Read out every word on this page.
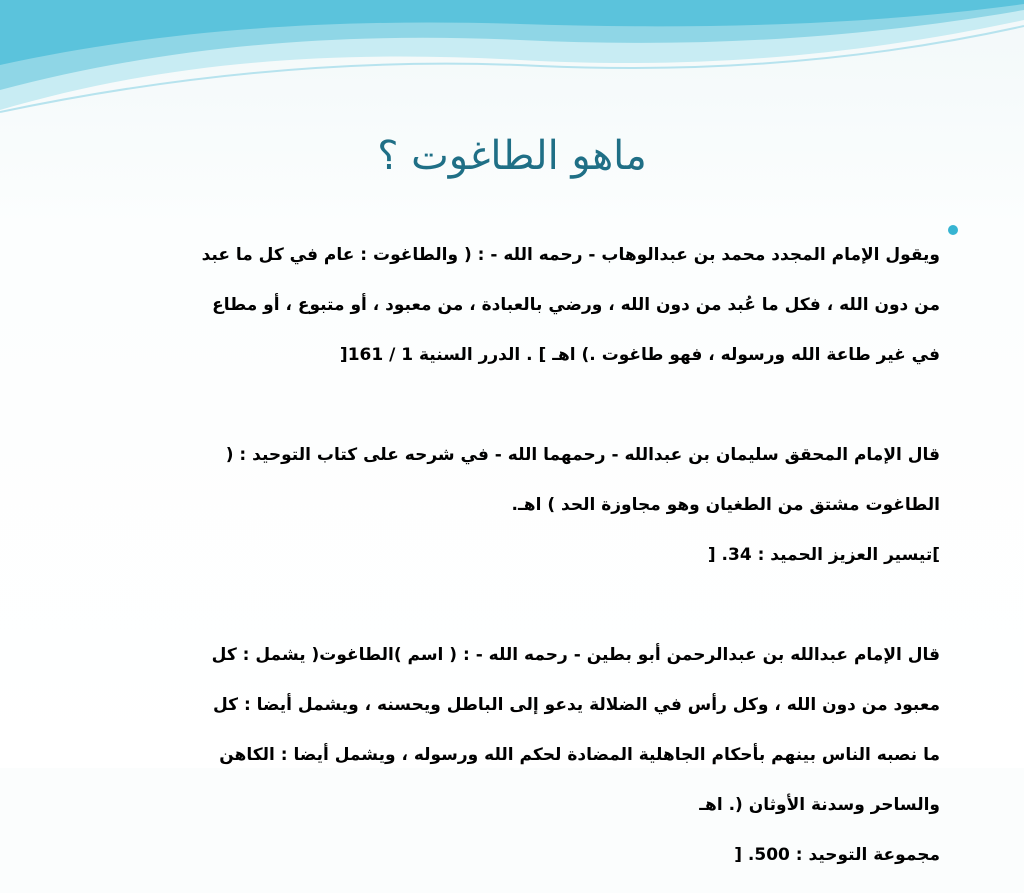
ماهو الطاغوت ؟

ويقول الإمام المجدد محمد بن عبدالوهاب - رحمه الله - : ( والطاغوت : عام في كل ما عبد

من دون الله ، فكل ما عُبد من دون الله ، ورضي بالعبادة ، من معبود ، أو متبوع ، أو مطاع

في غير طاعة الله ورسوله ، فهو طاغوت .) اهـ ] . الدرر السنية 1 / 161[

قال الإمام المحقق سليمان بن عبدالله - رحمهما الله - في شرحه على كتاب التوحيد : (

الطاغوت مشتق من الطغيان وهو مجاوزة الحد ) اهـ.

]تيسير العزيز الحميد : 34. [

قال الإمام عبدالله بن عبدالرحمن أبو بطين - رحمه الله - : ( اسم )الطاغوت( يشمل : كل

معبود من دون الله ، وكل رأس في الضلالة يدعو إلى الباطل ويحسنه ، ويشمل أيضا : كل

ما نصبه الناس بينهم بأحكام الجاهلية المضادة لحكم الله ورسوله ، ويشمل أيضا : الكاهن

والساحر وسدنة الأوثان (. اهـ

مجموعة التوحيد : 500. [
